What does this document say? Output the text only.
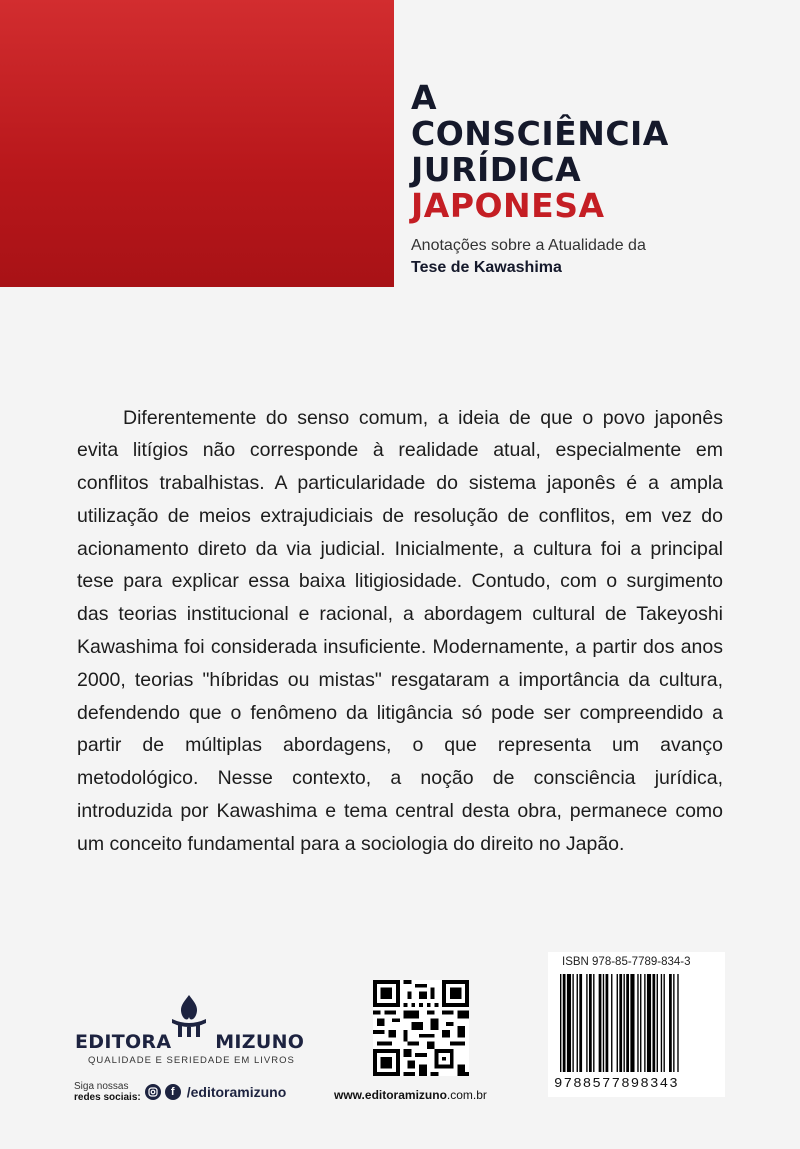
A
CONSCIÊNCIA
JURÍDICA
JAPONESA
Anotações sobre a Atualidade da
Tese de Kawashima

Diferentemente do senso comum, a ideia de que o povo japonês evita litígios não corresponde à realidade atual, especialmente em conflitos trabalhistas. A particularidade do sistema japonês é a ampla utilização de meios extrajudiciais de resolução de conflitos, em vez do acionamento direto da via judicial. Inicialmente, a cultura foi a principal tese para explicar essa baixa litigiosidade. Contudo, com o surgimento das teorias institucional e racional, a abordagem cultural de Takeyoshi Kawashima foi considerada insuficiente. Modernamente, a partir dos anos 2000, teorias "híbridas ou mistas" resgataram a importância da cultura, defendendo que o fenômeno da litigância só pode ser compreendido a partir de múltiplas abordagens, o que representa um avanço metodológico. Nesse contexto, a noção de consciência jurídica, introduzida por Kawashima e tema central desta obra, permanece como um conceito fundamental para a sociologia do direito no Japão.

EDITORA MIZUNO
QUALIDADE E SERIEDADE EM LIVROS
Siga nossas
redes sociais:	f /editoramizuno	www.editoramizuno.com.br
ISBN 978-85-7789-834-3
9788577898343
